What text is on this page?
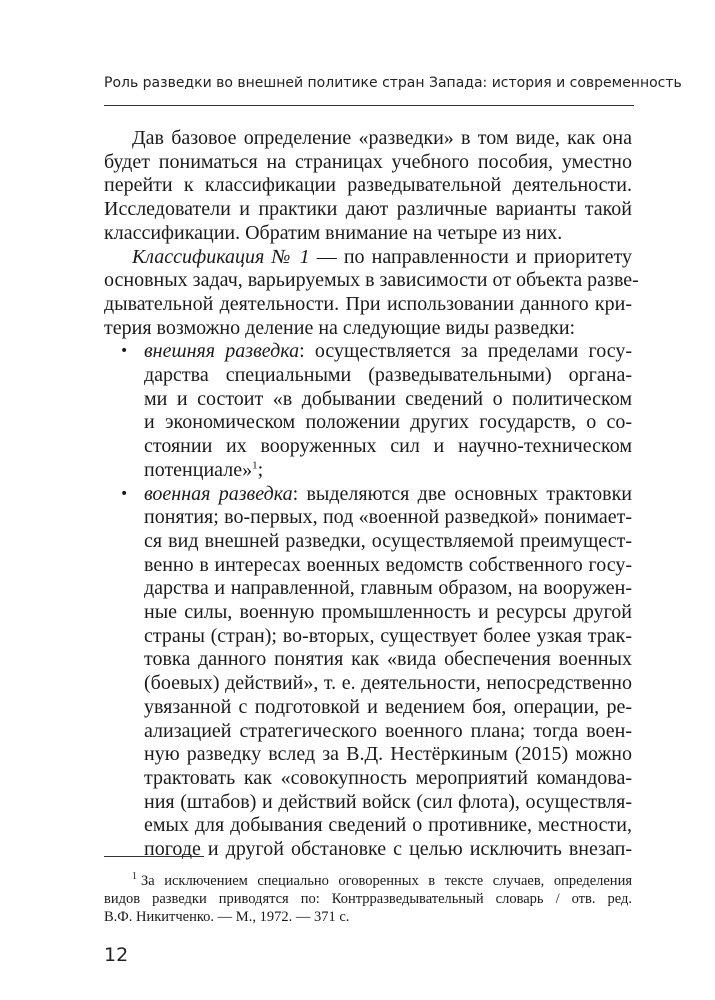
Роль разведки во внешней политике стран Запада: история и современность
Дав базовое определение «разведки» в том виде, как она
будет пониматься на страницах учебного пособия, уместно
перейти к классификации разведывательной деятельности.
Исследователи и практики дают различные варианты такой
классификации. Обратим внимание на четыре из них.
Классификация № 1 — по направленности и приоритету
основных задач, варьируемых в зависимости от объекта разве-
дывательной деятельности. При использовании данного кри-
терия возможно деление на следующие виды разведки:
• внешняя разведка: осуществляется за пределами госу-
дарства специальными (разведывательными) органа-
ми и состоит «в добывании сведений о политическом
и экономическом положении других государств, о со-
стоянии их вооруженных сил и научно-техническом
потенциале»$^1$;
• военная разведка: выделяются две основных трактовки
понятия; во-первых, под «военной разведкой» понимает-
ся вид внешней разведки, осуществляемой преимущест-
венно в интересах военных ведомств собственного госу-
дарства и направленной, главным образом, на вооружен-
ные силы, военную промышленность и ресурсы другой
страны (стран); во-вторых, существует более узкая трак-
товка данного понятия как «вида обеспечения военных
(боевых) действий», т. е. деятельности, непосредственно
увязанной с подготовкой и ведением боя, операции, ре-
ализацией стратегического военного плана; тогда воен-
ную разведку вслед за В.Д. Нестёркиным (2015) можно
трактовать как «совокупность мероприятий командова-
ния (штабов) и действий войск (сил флота), осуществля-
емых для добывания сведений о противнике, местности,
погоде и другой обстановке с целью исключить внезап-
$^1$ За исключением специально оговоренных в тексте случаев, определения
видов разведки приводятся по: Контрразведывательный словарь / отв. ред.
В.Ф. Никитченко. — М., 1972. — 371 с.
12
